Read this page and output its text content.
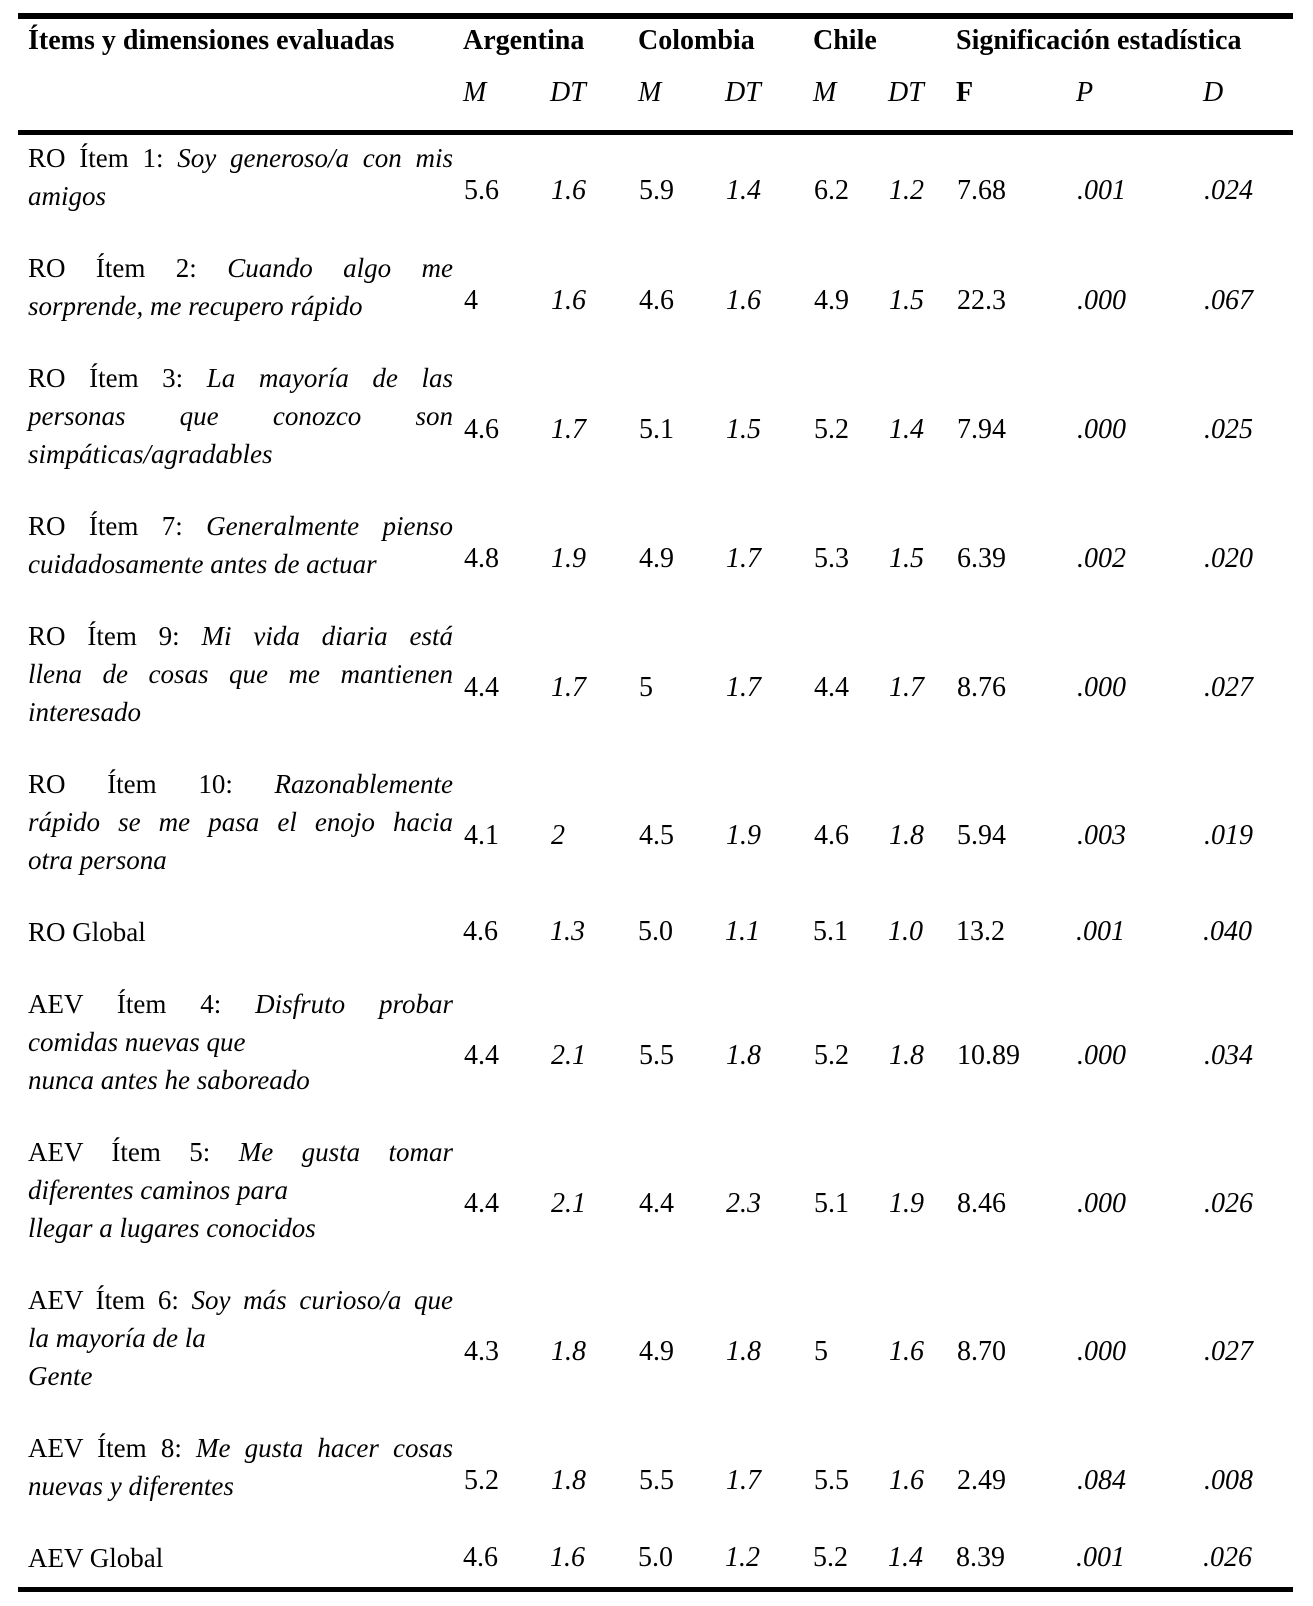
Ítems y dimensiones evaluadas	Argentina		Colombia		Chile		Significación estadística		
	M	DT	M	DT	M	DT	F	P	D

RO Ítem 1: Soy generoso/a con mis
amigos	5.6	1.6	5.9	1.4	6.2	1.2	7.68	.001	.024

RO Ítem 2: Cuando algo me
sorprende, me recupero rápido	4	1.6	4.6	1.6	4.9	1.5	22.3	.000	.067

RO Ítem 3: La mayoría de las
personas que conozco son
simpáticas/agradables	4.6	1.7	5.1	1.5	5.2	1.4	7.94	.000	.025

RO Ítem 7: Generalmente pienso
cuidadosamente antes de actuar	4.8	1.9	4.9	1.7	5.3	1.5	6.39	.002	.020

RO Ítem 9: Mi vida diaria está
llena de cosas que me mantienen
interesado	4.4	1.7	5	1.7	4.4	1.7	8.76	.000	.027

RO Ítem 10: Razonablemente
rápido se me pasa el enojo hacia
otra persona	4.1	2	4.5	1.9	4.6	1.8	5.94	.003	.019

RO Global	4.6	1.3	5.0	1.1	5.1	1.0	13.2	.001	.040

AEV Ítem 4: Disfruto probar
comidas nuevas que
nunca antes he saboreado	4.4	2.1	5.5	1.8	5.2	1.8	10.89	.000	.034

AEV Ítem 5: Me gusta tomar
diferentes caminos para
llegar a lugares conocidos	4.4	2.1	4.4	2.3	5.1	1.9	8.46	.000	.026

AEV Ítem 6: Soy más curioso/a que
la mayoría de la
Gente	4.3	1.8	4.9	1.8	5	1.6	8.70	.000	.027

AEV Ítem 8: Me gusta hacer cosas
nuevas y diferentes	5.2	1.8	5.5	1.7	5.5	1.6	2.49	.084	.008

AEV Global	4.6	1.6	5.0	1.2	5.2	1.4	8.39	.001	.026
